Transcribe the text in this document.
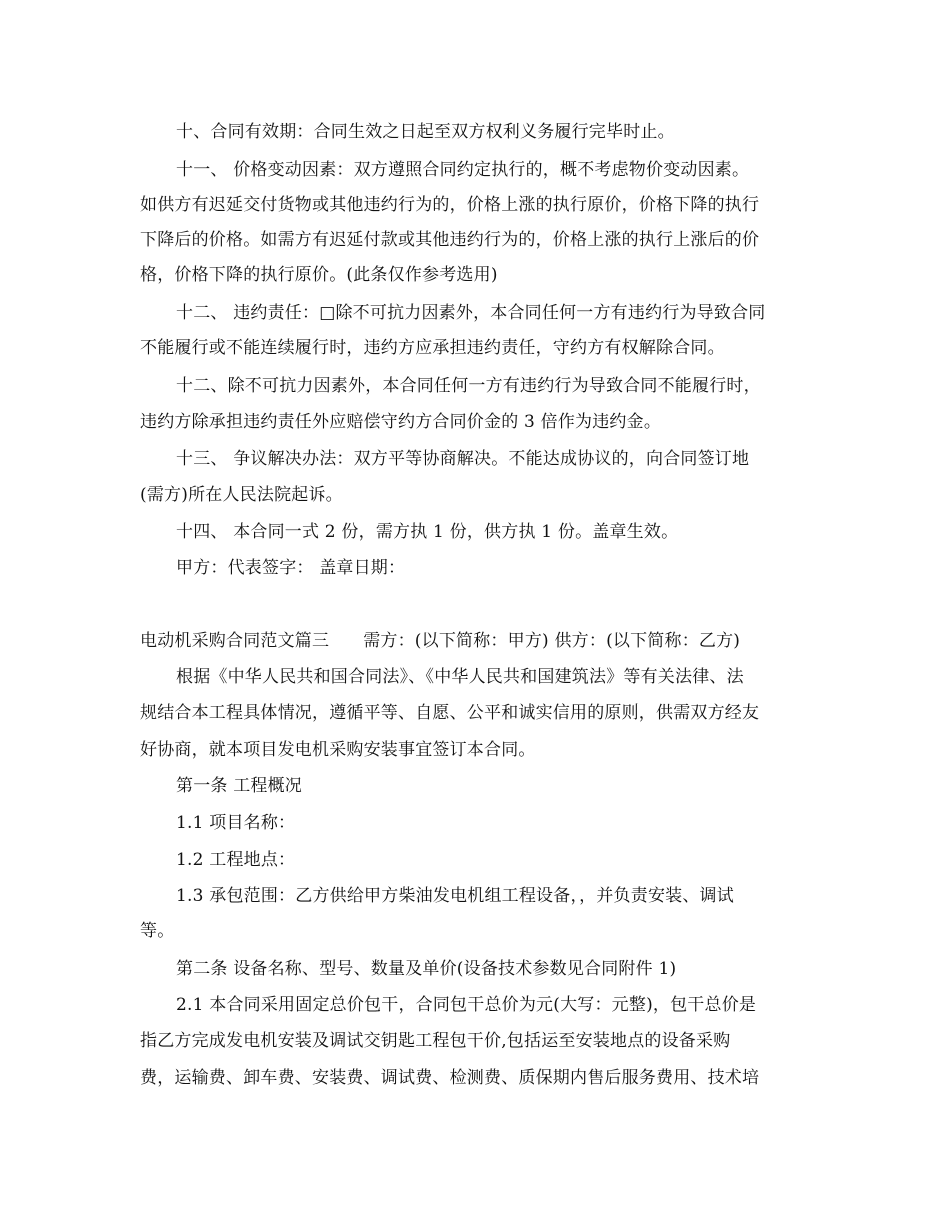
十、合同有效期：合同生效之日起至双方权利义务履行完毕时止。
十一、 价格变动因素：双方遵照合同约定执行的，概不考虑物价变动因素。
如供方有迟延交付货物或其他违约行为的，价格上涨的执行原价，价格下降的执行
下降后的价格。如需方有迟延付款或其他违约行为的，价格上涨的执行上涨后的价
格，价格下降的执行原价。(此条仅作参考选用)
十二、 违约责任：□除不可抗力因素外，本合同任何一方有违约行为导致合同
不能履行或不能连续履行时，违约方应承担违约责任，守约方有权解除合同。
十二、除不可抗力因素外，本合同任何一方有违约行为导致合同不能履行时，
违约方除承担违约责任外应赔偿守约方合同价金的 3 倍作为违约金。
十三、 争议解决办法：双方平等协商解决。不能达成协议的，向合同签订地
(需方)所在人民法院起诉。
十四、 本合同一式 2 份，需方执 1 份，供方执 1 份。盖章生效。
甲方：代表签字： 盖章日期：
电动机采购合同范文篇三 需方：(以下简称：甲方) 供方：(以下简称：乙方)
根据《中华人民共和国合同法》、《中华人民共和国建筑法》等有关法律、法
规结合本工程具体情况，遵循平等、自愿、公平和诚实信用的原则，供需双方经友
好协商，就本项目发电机采购安装事宜签订本合同。
第一条 工程概况
1.1 项目名称：
1.2 工程地点：
1.3 承包范围：乙方供给甲方柴油发电机组工程设备，，并负责安装、调试
等。
第二条 设备名称、型号、数量及单价(设备技术参数见合同附件 1)
2.1 本合同采用固定总价包干，合同包干总价为元(大写：元整)，包干总价是
指乙方完成发电机安装及调试交钥匙工程包干价,包括运至安装地点的设备采购
费，运输费、卸车费、安装费、调试费、检测费、质保期内售后服务费用、技术培
